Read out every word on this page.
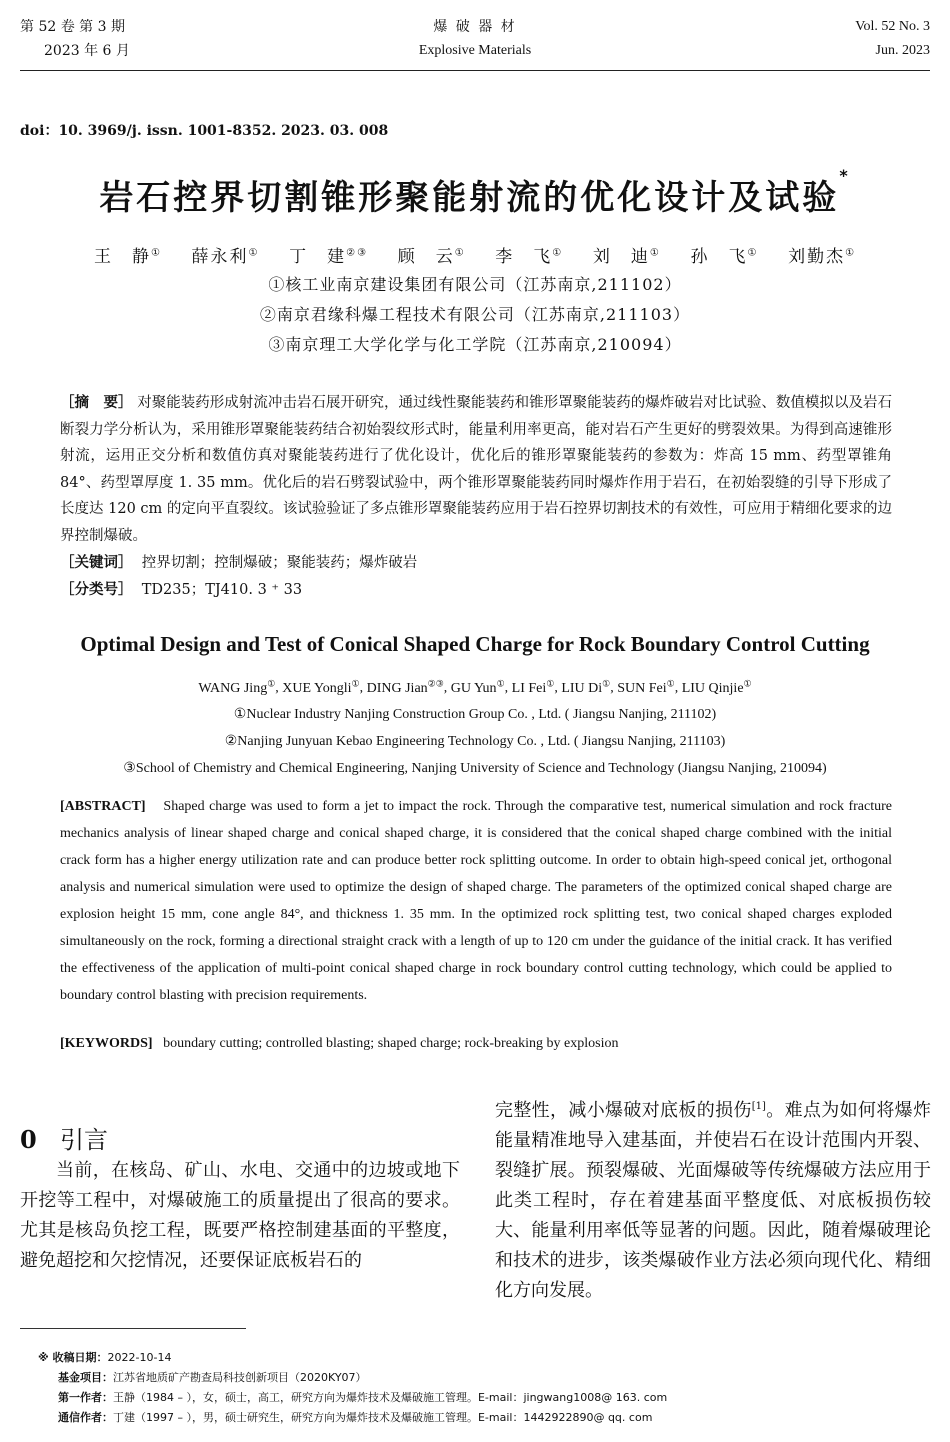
第 52 卷 第 3 期
2023 年 6 月
爆 破 器 材
Explosive Materials
Vol. 52 No. 3
Jun. 2023
doi：10. 3969/j. issn. 1001-8352. 2023. 03. 008
岩石控界切割锥形聚能射流的优化设计及试验*
王　静① 薛永利① 丁　建②③ 顾　云① 李　飞① 刘　迪① 孙　飞① 刘勤杰①
①核工业南京建设集团有限公司（江苏南京,211102）
②南京君缘科爆工程技术有限公司（江苏南京,211103）
③南京理工大学化学与化工学院（江苏南京,210094）
［摘　要］ 对聚能装药形成射流冲击岩石展开研究，通过线性聚能装药和锥形罩聚能装药的爆炸破岩对比试验、数值模拟以及岩石断裂力学分析认为，采用锥形罩聚能装药结合初始裂纹形式时，能量利用率更高，能对岩石产生更好的劈裂效果。为得到高速锥形射流，运用正交分析和数值仿真对聚能装药进行了优化设计，优化后的锥形罩聚能装药的参数为：炸高 15 mm、药型罩锥角 84°、药型罩厚度 1. 35 mm。优化后的岩石劈裂试验中，两个锥形罩聚能装药同时爆炸作用于岩石，在初始裂缝的引导下形成了长度达 120 cm 的定向平直裂纹。该试验验证了多点锥形罩聚能装药应用于岩石控界切割技术的有效性，可应用于精细化要求的边界控制爆破。
［关键词］ 控界切割；控制爆破；聚能装药；爆炸破岩
［分类号］ TD235；TJ410. 3 ⁺ 33
Optimal Design and Test of Conical Shaped Charge for Rock Boundary Control Cutting
WANG Jing①, XUE Yongli①, DING Jian②③, GU Yun①, LI Fei①, LIU Di①, SUN Fei①, LIU Qinjie①
①Nuclear Industry Nanjing Construction Group Co. , Ltd. ( Jiangsu Nanjing, 211102)
②Nanjing Junyuan Kebao Engineering Technology Co. , Ltd. ( Jiangsu Nanjing, 211103)
③School of Chemistry and Chemical Engineering, Nanjing University of Science and Technology (Jiangsu Nanjing, 210094)
[ABSTRACT] Shaped charge was used to form a jet to impact the rock. Through the comparative test, numerical simulation and rock fracture mechanics analysis of linear shaped charge and conical shaped charge, it is considered that the conical shaped charge combined with the initial crack form has a higher energy utilization rate and can produce better rock splitting outcome. In order to obtain high-speed conical jet, orthogonal analysis and numerical simulation were used to optimize the design of shaped charge. The parameters of the optimized conical shaped charge are explosion height 15 mm, cone angle 84°, and thickness 1. 35 mm. In the optimized rock splitting test, two conical shaped charges exploded simultaneously on the rock, forming a directional straight crack with a length of up to 120 cm under the guidance of the initial crack. It has verified the effectiveness of the application of multi-point conical shaped charge in rock boundary control cutting technology, which could be applied to boundary control blasting with precision requirements.
[KEYWORDS] boundary cutting; controlled blasting; shaped charge; rock-breaking by explosion
0 引言
当前，在核岛、矿山、水电、交通中的边坡或地下开挖等工程中，对爆破施工的质量提出了很高的要求。尤其是核岛负挖工程，既要严格控制建基面的平整度，避免超挖和欠挖情况，还要保证底板岩石的
完整性，减小爆破对底板的损伤[1]。难点为如何将爆炸能量精准地导入建基面，并使岩石在设计范围内开裂、裂缝扩展。预裂爆破、光面爆破等传统爆破方法应用于此类工程时，存在着建基面平整度低、对底板损伤较大、能量利用率低等显著的问题。因此，随着爆破理论和技术的进步，该类爆破作业方法必须向现代化、精细化方向发展。
※ 收稿日期：2022-10-14
基金项目：江苏省地质矿产勘查局科技创新项目（2020KY07）
第一作者：王静（1984 – ），女，硕士，高工，研究方向为爆炸技术及爆破施工管理。E-mail：jingwang1008@ 163. com
通信作者：丁建（1997 – ），男，硕士研究生，研究方向为爆炸技术及爆破施工管理。E-mail：1442922890@ qq. com
